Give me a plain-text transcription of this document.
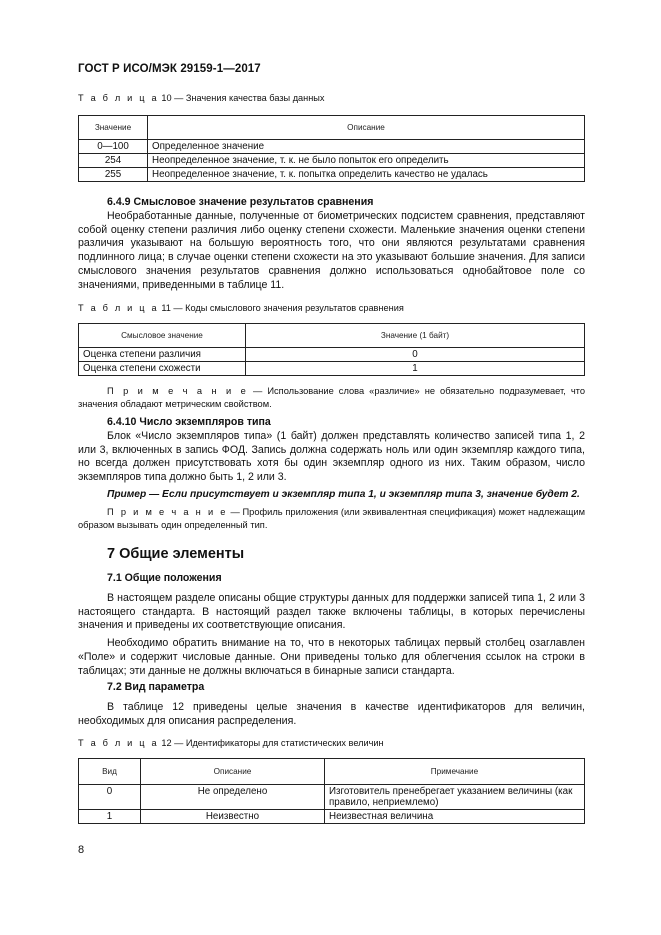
ГОСТ Р ИСО/МЭК 29159-1—2017
Т а б л и ц а 10 — Значения качества базы данных
Значение	Описание
0—100	Определенное значение
254	Неопределенное значение, т. к. не было попыток его определить
255	Неопределенное значение, т. к. попытка определить качество не удалась
6.4.9 Смысловое значение результатов сравнения

Необработанные данные, полученные от биометрических подсистем сравнения, представляют собой оценку степени различия либо оценку степени схожести. Маленькие значения оценки степени различия указывают на большую вероятность того, что они являются результатами сравнения подлинного лица; в случае оценки степени схожести на это указывают большие значения. Для записи смыслового значения результатов сравнения должно использоваться однобайтовое поле со значениями, приведенными в таблице 11.

Т а б л и ц а 11 — Коды смыслового значения результатов сравнения
Смысловое значение	Значение (1 байт)
Оценка степени различия	0
Оценка степени схожести	1
П р и м е ч а н и е — Использование слова «различие» не обязательно подразумевает, что значения обладают метрическим свойством.
6.4.10 Число экземпляров типа

Блок «Число экземпляров типа» (1 байт) должен представлять количество записей типа 1, 2 или 3, включенных в запись ФОД. Запись должна содержать ноль или один экземпляр каждого типа, но всегда должен присутствовать хотя бы один экземпляр одного из них. Таким образом, число экземпляров типа должно быть 1, 2 или 3.

Пример — Если присутствует и экземпляр типа 1, и экземпляр типа 3, значение будет 2.
П р и м е ч а н и е — Профиль приложения (или эквивалентная спецификация) может надлежащим образом вызывать один определенный тип.
7 Общие элементы
7.1 Общие положения

В настоящем разделе описаны общие структуры данных для поддержки записей типа 1, 2 или 3 настоящего стандарта. В настоящий раздел также включены таблицы, в которых перечислены значения и приведены их соответствующие описания.

Необходимо обратить внимание на то, что в некоторых таблицах первый столбец озаглавлен «Поле» и содержит числовые данные. Они приведены только для облегчения ссылок на строки в таблицах; эти данные не должны включаться в бинарные записи стандарта.

7.2 Вид параметра

В таблице 12 приведены целые значения в качестве идентификаторов для величин, необходимых для описания распределения.

Т а б л и ц а 12 — Идентификаторы для статистических величин
Вид	Описание	Примечание
0	Не определено	Изготовитель пренебрегает указанием величины (как правило, неприемлемо)
1	Неизвестно	Неизвестная величина
8
